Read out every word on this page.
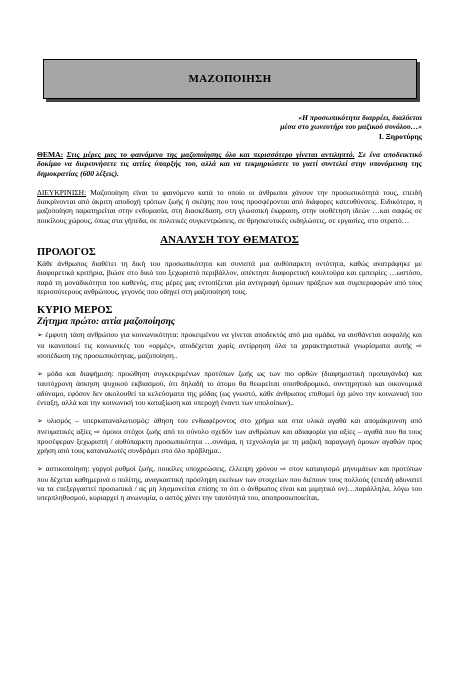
ΜΑΖΟΠΟΙΗΣΗ
«Η προσωπικότητα διαρρέει, διαλύεται
μέσα στο χωνευτήρι του μαζικού συνόλου…»
Ι. Ξηροτύρης

ΘΕΜΑ: Στις μέρες μας το φαινόμενο της μαζοποίησης όλο και περισσότερο γίνεται αντιληπτό. Σε ένα αποδεικτικό δοκίμιο να διερευνήσετε τις αιτίες ύπαρξής του, αλλά και να τεκμηριώσετε το γιατί συντελεί στην υπονόμευση της δημοκρατίας (600 λέξεις).

ΔΙΕΥΚΡΙΝΙΣΗ: Μαζοποίηση είναι το φαινόμενο κατά το οποίο οι άνθρωποι χάνουν την προσωπικότητά τους, επειδή διακρίνονται από άκριτη αποδοχή τρόπων ζωής ή σκέψης που τους προσφέρονται από διάφορες κατευθύνσεις. Ειδικότερα, η μαζοποίηση παρατηρείται στην ενδυμασία, στη διασκέδαση, στη γλωσσική έκφραση, στην υιοθέτηση ιδεών …και σαφώς σε ποικίλους χώρους, όπως στα γήπεδα, σε πολιτικές συγκεντρώσεις, σε θρησκευτικές εκδηλώσεις, σε εργασίες, στο στρατό…

ΑΝΑΛΥΣΗ ΤΟΥ ΘΕΜΑΤΟΣ
ΠΡΟΛΟΓΟΣ

Κάθε άνθρωπος διαθέτει τη δική του προσωπικότητα και συνιστά μια αυθύπαρκτη οντότητα, καθώς ανατράφηκε με διαφορετικά κριτήρια, βιώσε στο δικό του ξεχωριστό περιβάλλον, απέκτησε διαφορετική κουλτούρα και εμπειρίες …ωστόσο, παρά τη μοναδικότητα του καθενός, στις μέρες μας εντοπίζεται μία αντιγραφή όμοιων πράξεων και συμπεριφορών από τους περισσότερους ανθρώπους, γεγονός που οδηγεί στη μαζοποίησή τους.

ΚΥΡΙΟ ΜΕΡΟΣ
Ζήτημα πρώτο: αιτία μαζοποίησης

➢ έμφυτη τάση ανθρώπου για κοινωνικότητα: προκειμένου να γίνεται αποδεκτός από μια ομάδα, να αισθάνεται ασφαλής και να ικανοποιεί τις κοινωνικές του «ορμές», αποδέχεται χωρίς αντίρρηση όλα τα χαρακτηριστικά γνωρίσματα αυτής ⇨ ισοπέδωση της προσωπικότητας, μαζοποίηση..

➢ μόδα και διαφήμιση: προώθηση συγκεκριμένων προτύπων ζωής ως των πιο ορθών (διαφημιστική προπαγάνδα) και ταυτόχρονη άσκηση ψυχικού εκβιασμού, ότι δηλαδή το άτομο θα θεωρείται οπισθοδρομικό, συντηρητικό και οικονομικά αδύναμο, εφόσον δεν ακολουθεί τα κελεύσματα της μόδας (ως γνωστό, κάθε άνθρωπος επιθυμεί όχι μόνο την κοινωνική του ένταξη, αλλά και την κοινωνική του καταξίωση και υπεροχή έναντι των υπολοίπων)..

➢ υλισμός – υπερκαταναλωτισμός: άθηση του ενδιαφέροντος στο χρήμα και στα υλικά αγαθά και απομάκρυνση από πνευματικές αξίες ⇨ όμοιοι στόχοι ζωής από το σύνολο σχεδόν των ανθρώπων και αδιαφορία για αξίες – αγαθά που θα τους προσέφεραν ξεχωριστή / αυθύπαρκτη προσωπικότητα …συνάμα, η τεχνολογία με τη μαζική παραγωγή όμοιων αγαθών προς χρήση από τους καταναλωτές συνδράμει στο όλο πρόβλημα..

➢ αστικοποίηση: γοργοί ρυθμοί ζωής, ποικίλες υποχρεώσεις, έλλειψη χρόνου ⇨ στον καταιγισμό μηνυμάτων και προτύπων που δέχεται καθημερινά ο πολίτης, αναγκαστική πρόσληψη εκείνων των στοιχείων που διέπουν τους πολλούς (επειδή αδυνατεί να τα επεξεργαστεί προσωπικά / ας μη λησμονείται επίσης το ότι ο άνθρωπος είναι και μιμητικό ον)…παράλληλα, λόγω του υπερπληθυσμού, κυριαρχεί η ανωνυμία, ο αστός χάνει την ταυτότητά του, αποπροσωποιείται,
